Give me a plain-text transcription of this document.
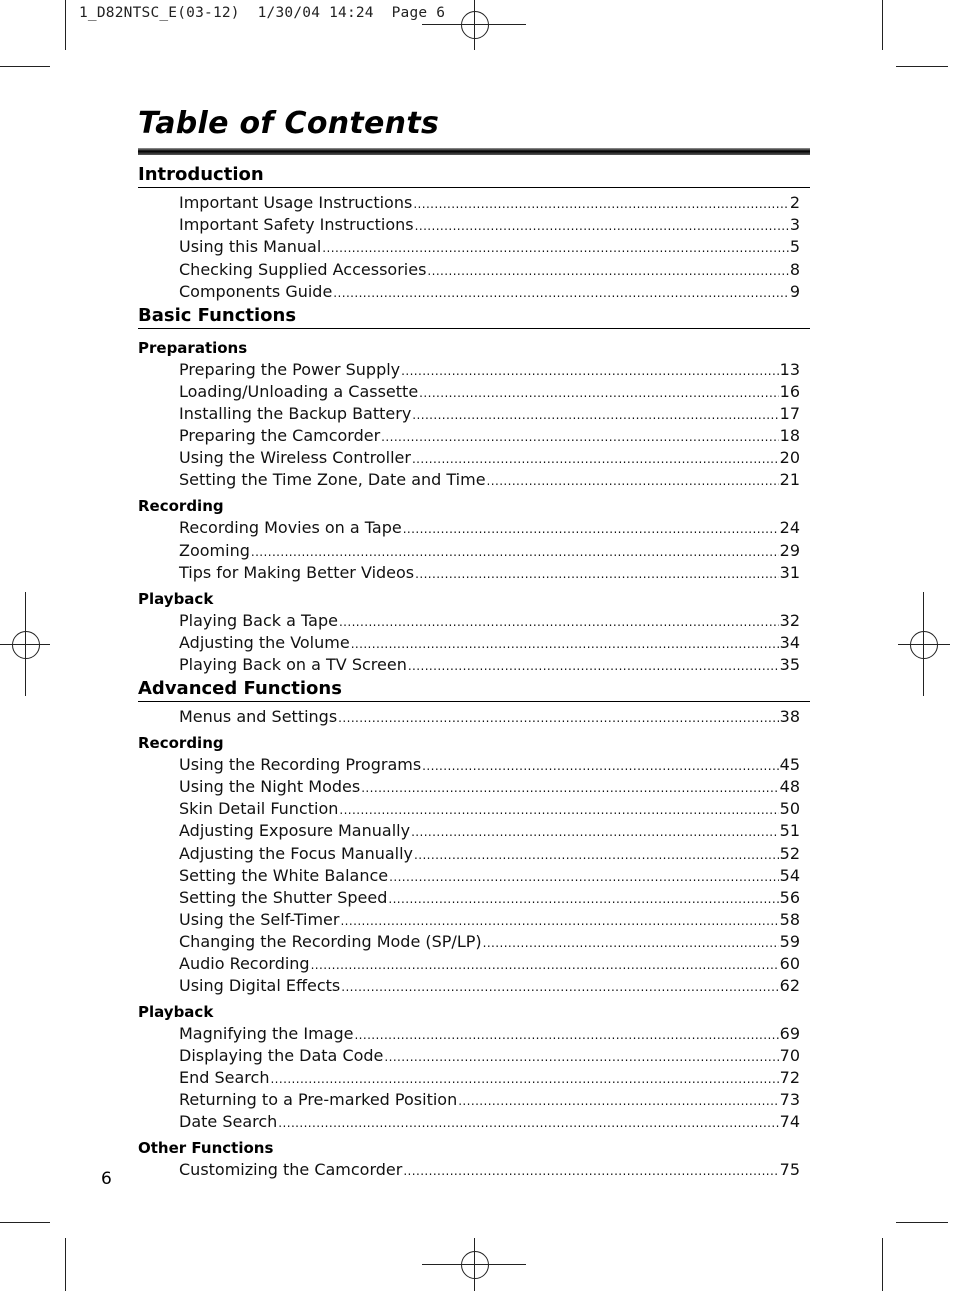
1_D82NTSC_E(03-12) 1/30/04 14:24 Page 6
Table of Contents
Introduction
Important Usage Instructions .....	2
Important Safety Instructions .....	3
Using this Manual .....	5
Checking Supplied Accessories .....	8
Components Guide .....	9
Basic Functions
Preparations
Preparing the Power Supply .....	13
Loading/Unloading a Cassette .....	16
Installing the Backup Battery .....	17
Preparing the Camcorder .....	18
Using the Wireless Controller .....	20
Setting the Time Zone, Date and Time .....	21
Recording
Recording Movies on a Tape .....	24
Zooming .....	29
Tips for Making Better Videos .....	31
Playback
Playing Back a Tape .....	32
Adjusting the Volume .....	34
Playing Back on a TV Screen .....	35
Advanced Functions
Menus and Settings .....	38
Recording
Using the Recording Programs .....	45
Using the Night Modes .....	48
Skin Detail Function .....	50
Adjusting Exposure Manually .....	51
Adjusting the Focus Manually .....	52
Setting the White Balance .....	54
Setting the Shutter Speed .....	56
Using the Self-Timer .....	58
Changing the Recording Mode (SP/LP) .....	59
Audio Recording .....	60
Using Digital Effects .....	62
Playback
Magnifying the Image .....	69
Displaying the Data Code .....	70
End Search .....	72
Returning to a Pre-marked Position .....	73
Date Search .....	74
Other Functions
Customizing the Camcorder .....	75
6
